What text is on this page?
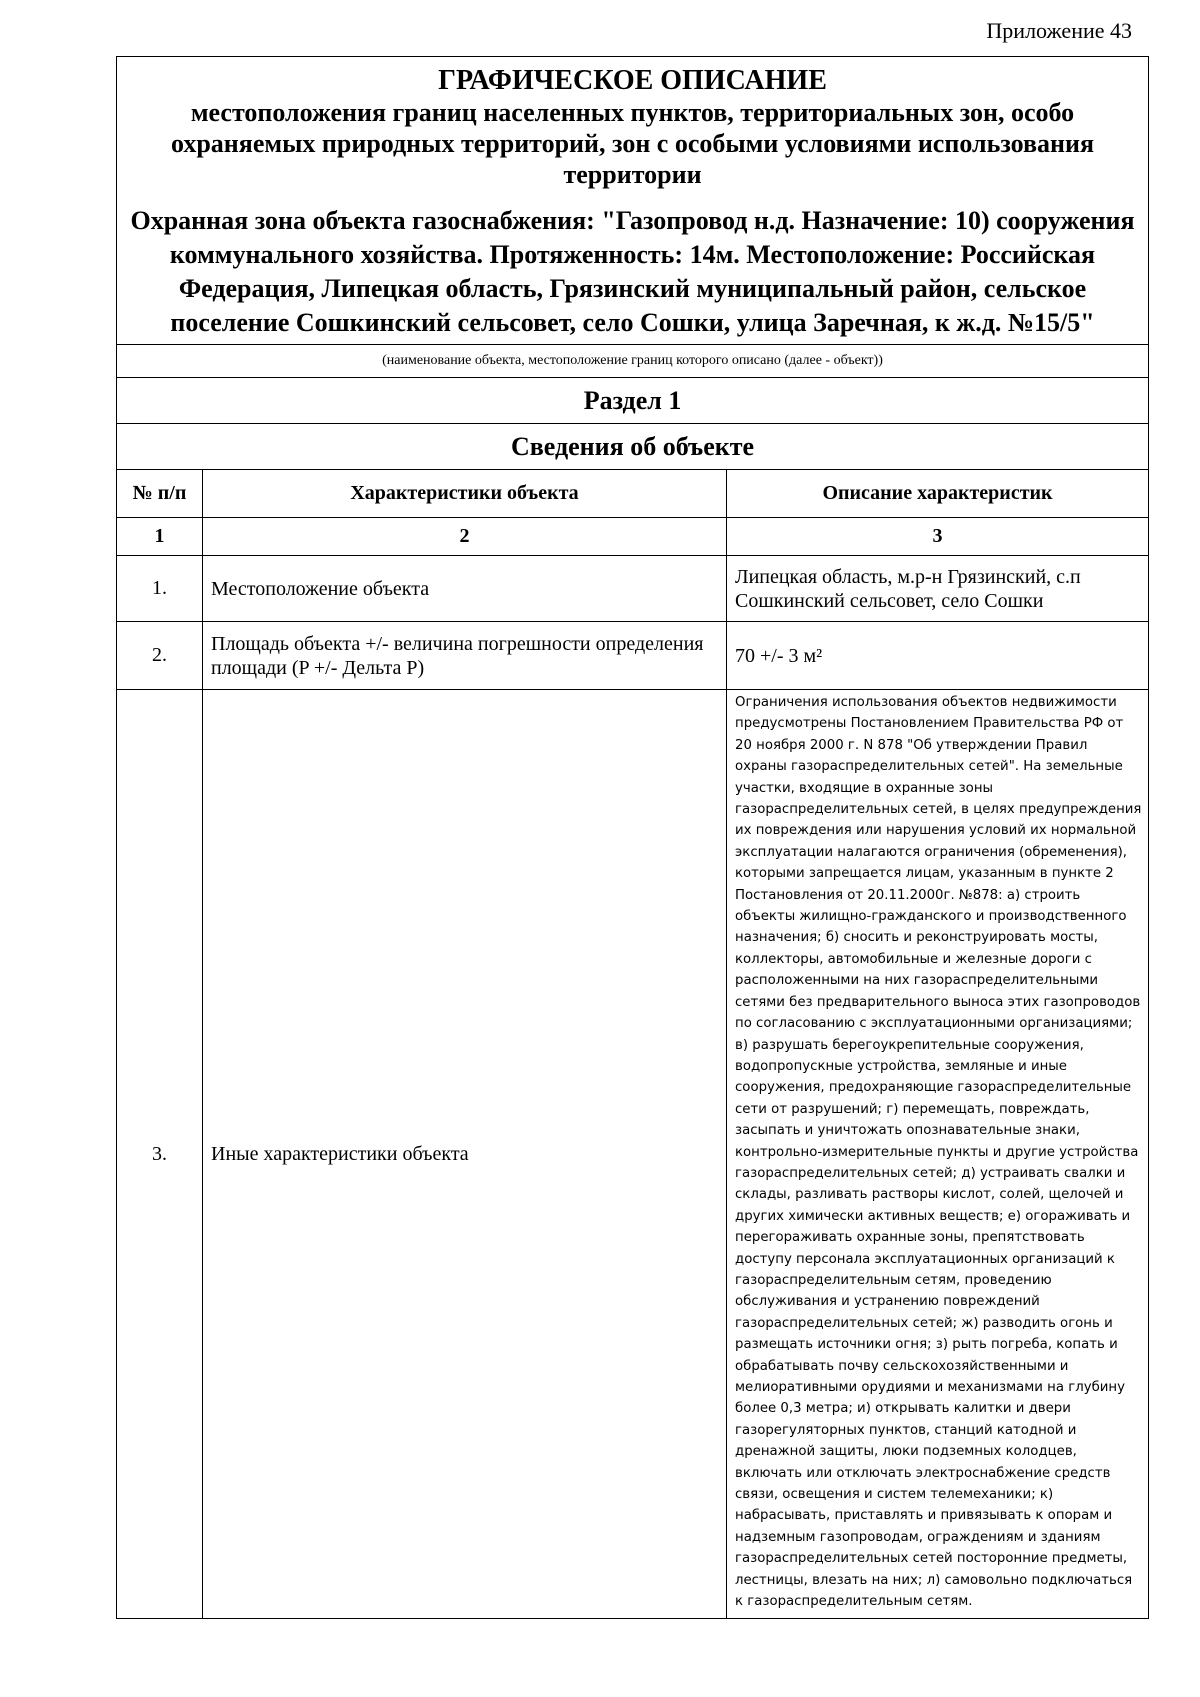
Приложение 43
ГРАФИЧЕСКОЕ ОПИСАНИЕ
местоположения границ населенных пунктов, территориальных зон, особо охраняемых природных территорий, зон с особыми условиями использования территории
Охранная зона объекта газоснабжения: "Газопровод н.д. Назначение: 10) сооружения коммунального хозяйства. Протяженность: 14м. Местоположение: Российская Федерация, Липецкая область, Грязинский муниципальный район, сельское поселение Сошкинский сельсовет, село Сошки, улица Заречная, к ж.д. №15/5"		

(наименование объекта, местоположение границ которого описано (далее - объект))		
Раздел 1		
Сведения об объекте		
№ п/п	Характеристики объекта	Описание характеристик
1	2	3
1.	Местоположение объекта	Липецкая область, м.р-н Грязинский, с.п Сошкинский сельсовет, село Сошки
2.	Площадь объекта +/- величина погрешности определения площади (P +/- Дельта P)	70 +/- 3 м²
3.	Иные характеристики объекта	Ограничения использования объектов недвижимости предусмотрены Постановлением Правительства РФ от 20 ноября 2000 г. N 878 "Об утверждении Правил охраны газораспределительных сетей". На земельные участки, входящие в охранные зоны газораспределительных сетей, в целях предупреждения их повреждения или нарушения условий их нормальной эксплуатации налагаются ограничения (обременения), которыми запрещается лицам, указанным в пункте 2 Постановления от 20.11.2000г. №878: а) строить объекты жилищно-гражданского и производственного назначения; б) сносить и реконструировать мосты, коллекторы, автомобильные и железные дороги с расположенными на них газораспределительными сетями без предварительного выноса этих газопроводов по согласованию с эксплуатационными организациями; в) разрушать берегоукрепительные сооружения, водопропускные устройства, земляные и иные сооружения, предохраняющие газораспределительные сети от разрушений; г) перемещать, повреждать, засыпать и уничтожать опознавательные знаки, контрольно-измерительные пункты и другие устройства газораспределительных сетей; д) устраивать свалки и склады, разливать растворы кислот, солей, щелочей и других химически активных веществ; е) огораживать и перегораживать охранные зоны, препятствовать доступу персонала эксплуатационных организаций к газораспределительным сетям, проведению обслуживания и устранению повреждений газораспределительных сетей; ж) разводить огонь и размещать источники огня; з) рыть погреба, копать и обрабатывать почву сельскохозяйственными и мелиоративными орудиями и механизмами на глубину более 0,3 метра; и) открывать калитки и двери газорегуляторных пунктов, станций катодной и дренажной защиты, люки подземных колодцев, включать или отключать электроснабжение средств связи, освещения и систем телемеханики; к) набрасывать, приставлять и привязывать к опорам и надземным газопроводам, ограждениям и зданиям газораспределительных сетей посторонние предметы, лестницы, влезать на них; л) самовольно подключаться к газораспределительным сетям.
